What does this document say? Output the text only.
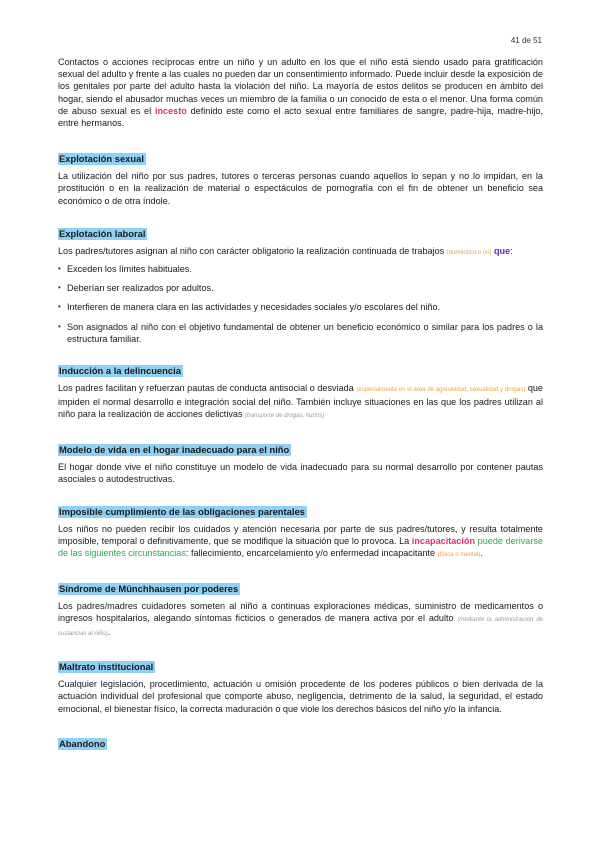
41 de 51

Contactos o acciones recíprocas entre un niño y un adulto en los que el niño está siendo usado para gratificación sexual del adulto y frente a las cuales no pueden dar un consentimiento informado. Puede incluir desde la exposición de los genitales por parte del adulto hasta la violación del niño. La mayoría de estos delitos se producen en ámbito del hogar, siendo el abusador muchas veces un miembro de la familia o un conocido de esta o el menor. Una forma común de abuso sexual es el incesto definido este como el acto sexual entre familiares de sangre, padre-hija, madre-hijo, entre hermanos.

Explotación sexual

La utilización del niño por sus padres, tutores o terceras personas cuando aquellos lo sepan y no lo impidan, en la prostitución o en la realización de material o espectáculos de pornografía con el fin de obtener un beneficio sea económico o de otra índole.

Explotación laboral

Los padres/tutores asignan al niño con carácter obligatorio la realización continuada de trabajos (doméstico o no) que:

• Exceden los límites habituales.
• Deberían ser realizados por adultos.
• Interfieren de manera clara en las actividades y necesidades sociales y/o escolares del niño.
• Son asignados al niño con el objetivo fundamental de obtener un beneficio económico o similar para los padres o la estructura familiar.
Inducción a la delincuencia

Los padres facilitan y refuerzan pautas de conducta antisocial o desviada (especialmente en el área de agresividad, sexualidad y drogas) que impiden el normal desarrollo e integración social del niño. También incluye situaciones en las que los padres utilizan al niño para la realización de acciones delictivas (transporte de drogas, hurtos)

Modelo de vida en el hogar inadecuado para el niño

El hogar donde vive el niño constituye un modelo de vida inadecuado para su normal desarrollo por contener pautas asociales o autodestructivas.

Imposible cumplimiento de las obligaciones parentales

Los niños no pueden recibir los cuidados y atención necesaria por parte de sus padres/tutores, y resulta totalmente imposible, temporal o definitivamente, que se modifique la situación que lo provoca. La incapacitación puede derivarse de las siguientes circunstancias: fallecimiento, encarcelamiento y/o enfermedad incapacitante (física o mental).

Síndrome de Münchhausen por poderes

Los padres/madres cuidadores someten al niño a continuas exploraciones médicas, suministro de medicamentos o ingresos hospitalarios, alegando síntomas ficticios o generados de manera activa por el adulto (mediante la administración de sustancias al niño).

Maltrato institucional

Cualquier legislación, procedimiento, actuación u omisión procedente de los poderes públicos o bien derivada de la actuación individual del profesional que comporte abuso, negligencia, detrimento de la salud, la seguridad, el estado emocional, el bienestar físico, la correcta maduración o que viole los derechos básicos del niño y/o la infancia.

Abandono
